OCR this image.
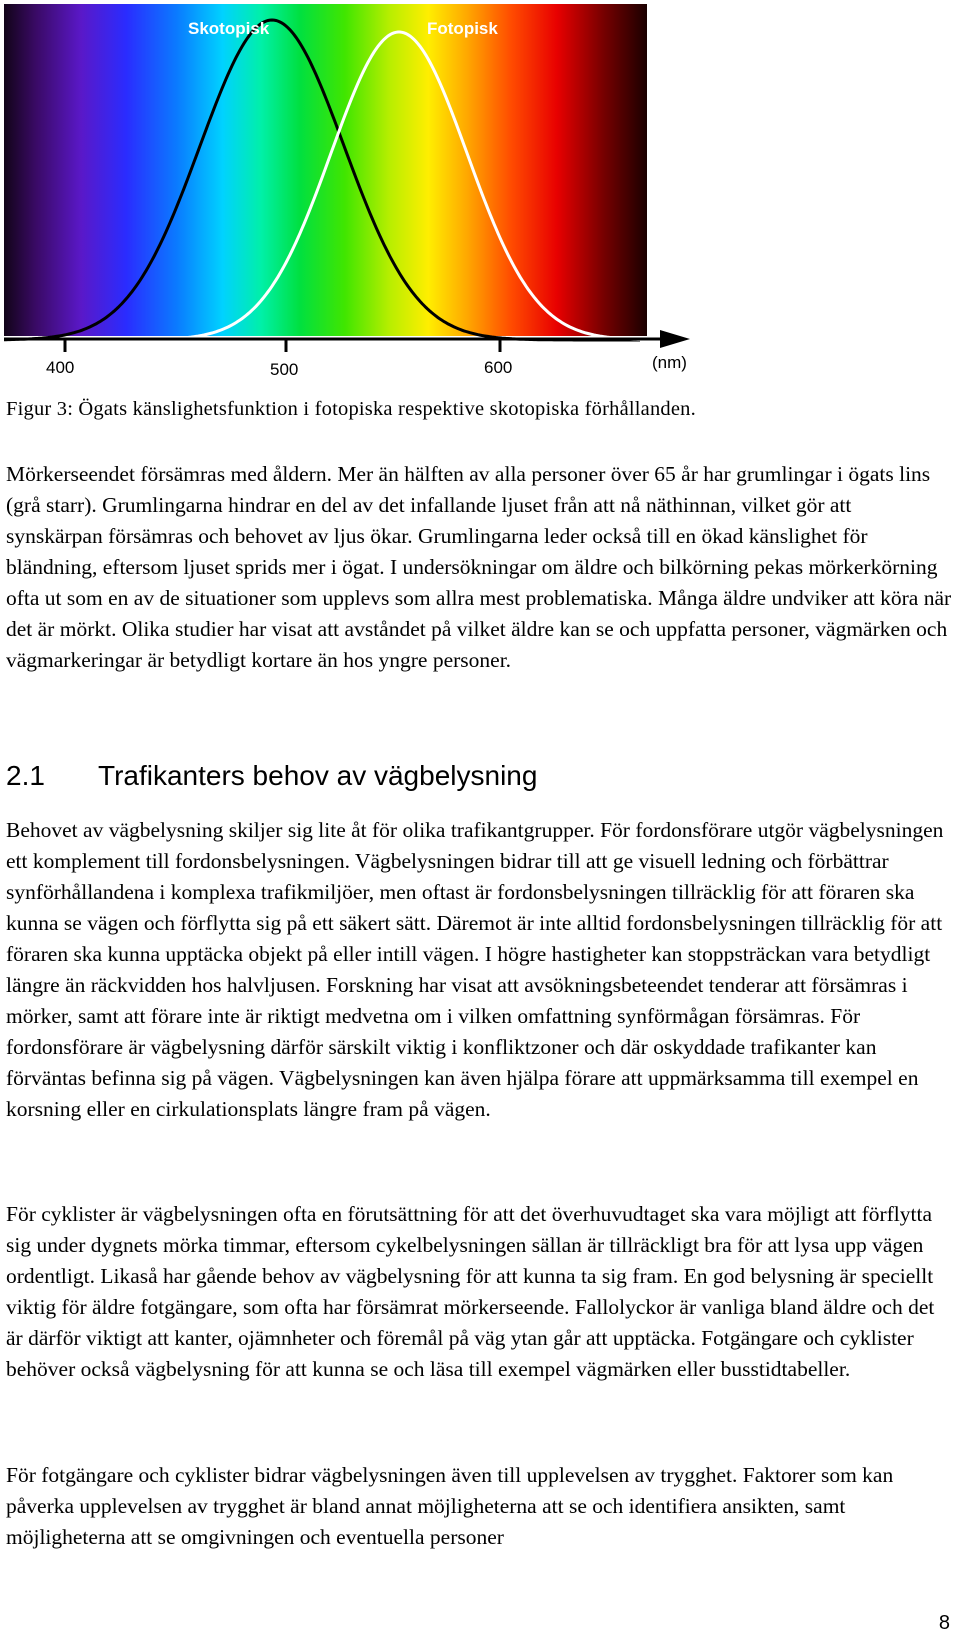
Skotopisk	Fotopisk
400	500	600	(nm)

Figur 3: Ögats känslighetsfunktion i fotopiska respektive skotopiska förhållanden.

Mörkerseendet försämras med åldern. Mer än hälften av alla personer över 65 år har grumlingar i ögats lins (grå starr). Grumlingarna hindrar en del av det infallande ljuset från att nå näthinnan, vilket gör att synskärpan försämras och behovet av ljus ökar. Grumlingarna leder också till en ökad känslighet för bländning, eftersom ljuset sprids mer i ögat. I undersökningar om äldre och bilkörning pekas mörkerkörning ofta ut som en av de situationer som upplevs som allra mest problematiska. Många äldre undviker att köra när det är mörkt. Olika studier har visat att avståndet på vilket äldre kan se och uppfatta personer, vägmärken och vägmarkeringar är betydligt kortare än hos yngre personer.

2.1 Trafikanters behov av vägbelysning

Behovet av vägbelysning skiljer sig lite åt för olika trafikantgrupper. För fordonsförare utgör vägbelysningen ett komplement till fordonsbelysningen. Vägbelysningen bidrar till att ge visuell ledning och förbättrar synförhållandena i komplexa trafikmiljöer, men oftast är fordonsbelysningen tillräcklig för att föraren ska kunna se vägen och förflytta sig på ett säkert sätt. Däremot är inte alltid fordonsbelysningen tillräcklig för att föraren ska kunna upptäcka objekt på eller intill vägen. I högre hastigheter kan stoppsträckan vara betydligt längre än räckvidden hos halvljusen. Forskning har visat att avsökningsbeteendet tenderar att försämras i mörker, samt att förare inte är riktigt medvetna om i vilken omfattning synförmågan försämras. För fordonsförare är vägbelysning därför särskilt viktig i konfliktzoner och där oskyddade trafikanter kan förväntas befinna sig på vägen. Vägbelysningen kan även hjälpa förare att uppmärksamma till exempel en korsning eller en cirkulationsplats längre fram på vägen.

För cyklister är vägbelysningen ofta en förutsättning för att det överhuvudtaget ska vara möjligt att förflytta sig under dygnets mörka timmar, eftersom cykelbelysningen sällan är tillräckligt bra för att lysa upp vägen ordentligt. Likaså har gående behov av vägbelysning för att kunna ta sig fram. En god belysning är speciellt viktig för äldre fotgängare, som ofta har försämrat mörkerseende. Fallolyckor är vanliga bland äldre och det är därför viktigt att kanter, ojämnheter och föremål på väg ytan går att upptäcka. Fotgängare och cyklister behöver också vägbelysning för att kunna se och läsa till exempel vägmärken eller busstidtabeller.

För fotgängare och cyklister bidrar vägbelysningen även till upplevelsen av trygghet. Faktorer som kan påverka upplevelsen av trygghet är bland annat möjligheterna att se och identifiera ansikten, samt möjligheterna att se omgivningen och eventuella personer

8
